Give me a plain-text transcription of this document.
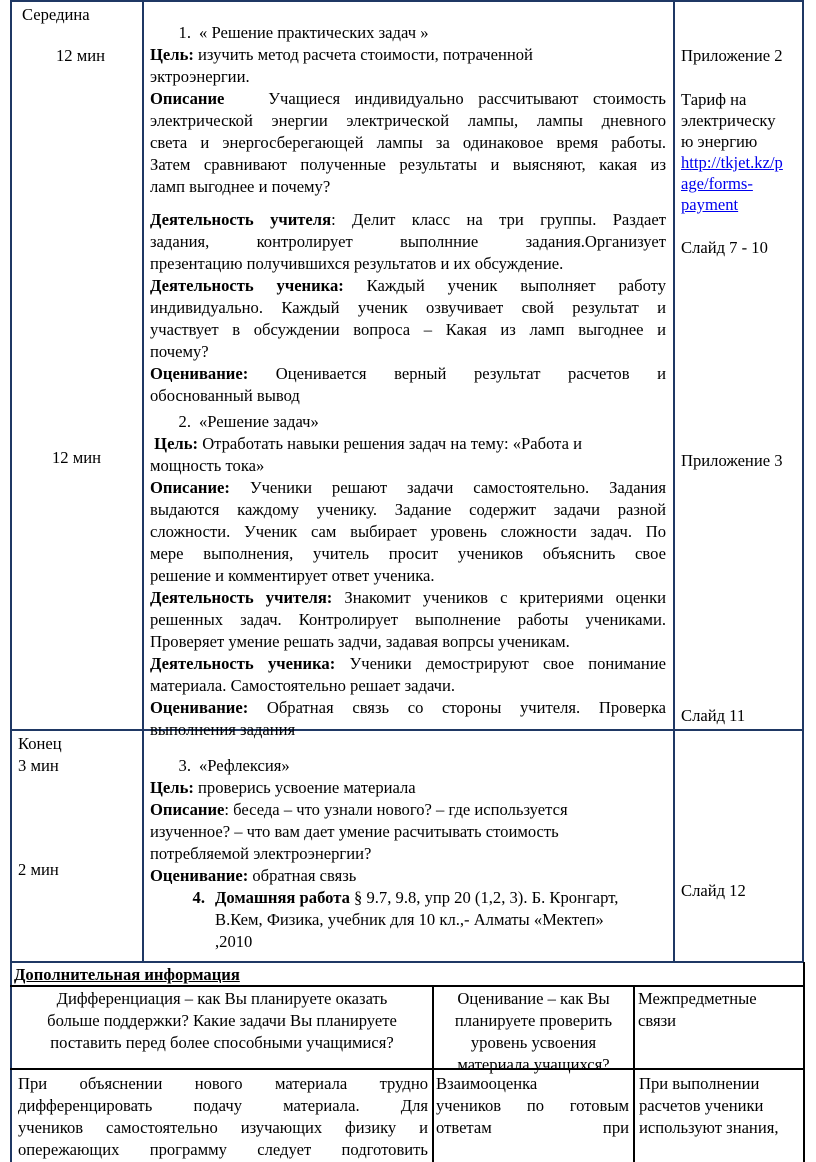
Середина
12 мин
12 мин
Конец
3 мин
2 мин
1. « Решение практических задач »
Цель: изучить метод расчета стоимости, потраченной
эктроэнергии.
Описание	Учащиеся индивидуально рассчитывают стоимость
электрической энергии электрической лампы, лампы дневного
света и энергосберегающей лампы за одинаковое время работы.
Затем сравнивают полученные результаты и выясняют, какая из
ламп выгоднее и почему?
Деятельность учителя: Делит класс на три группы. Раздает
задания, контролирует выполнние задания.Организует
презентацию получившихся результатов и их обсуждение.
Деятельность ученика: Каждый ученик выполняет работу
индивидуально. Каждый ученик озвучивает свой результат и
участвует в обсуждении вопроса – Какая из ламп выгоднее и
почему?
Оценивание: Оценивается верный результат расчетов и
обоснованный вывод
2. «Решение задач»
Цель: Отработать навыки решения задач на тему: «Работа и
мощность тока»
Описание: Ученики решают задачи самостоятельно. Задания
выдаются каждому ученику. Задание содержит задачи разной
сложности. Ученик сам выбирает уровень сложности задач. По
мере выполнения, учитель просит учеников объяснить свое
решение и комментирует ответ ученика.
Деятельность учителя: Знакомит учеников с критериями оценки
решенных задач. Контролирует выполнение работы учениками.
Проверяет умение решать задчи, задавая вопрсы ученикам.
Деятельность ученика: Ученики демострируют свое понимание
материала. Самостоятельно решает задачи.
Оценивание: Обратная связь со стороны учителя. Проверка
выполнения задания
Приложение 2
Тариф на
электрическу
ю энергию
http://tkjet.kz/p
age/forms-
payment
Слайд 7 - 10
Приложение 3
Слайд 11
3. «Рефлексия»
Цель: проверись усвоение материала
Описание: беседа – что узнали нового? – где используется
изученное? – что вам дает умение расчитывать стоимость
потребляемой электроэнергии?
Оценивание: обратная связь
4. Домашняя работа § 9.7, 9.8, упр 20 (1,2, 3). Б. Кронгарт,
В.Кем, Физика, учебник для 10 кл.,- Алматы «Мектеп»
,2010
Слайд 12
Дополнительная информация
Дифференциация – как Вы планируете оказать
больше поддержки? Какие задачи Вы планируете
поставить перед более способными учащимися?
Оценивание – как Вы
планируете проверить
уровень усвоения
материала учащихся?
Межпредметные
связи
При объяснении нового материала трудно
дифференцировать подачу материала. Для
учеников самостоятельно изучающих физику и
опережающих программу следует подготовить
Взаимооценка
учеников по готовым
ответам при
При выполнении
расчетов ученики
используют знания,
